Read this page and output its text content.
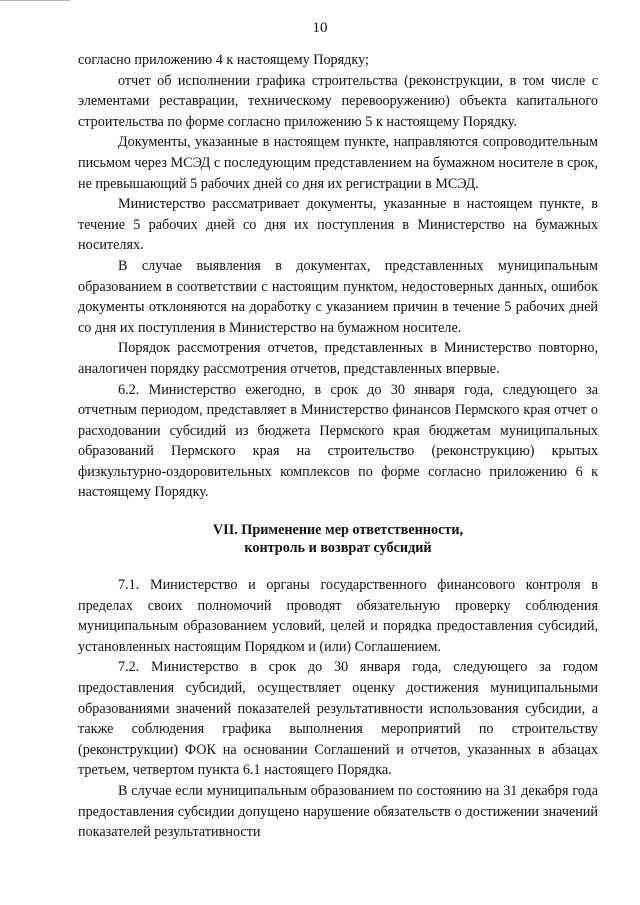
10

согласно приложению 4 к настоящему Порядку;

отчет об исполнении графика строительства (реконструкции, в том числе с элементами реставрации, техническому перевооружению) объекта капитального строительства по форме согласно приложению 5 к настоящему Порядку.

Документы, указанные в настоящем пункте, направляются сопроводительным письмом через МСЭД с последующим представлением на бумажном носителе в срок, не превышающий 5 рабочих дней со дня их регистрации в МСЭД.

Министерство рассматривает документы, указанные в настоящем пункте, в течение 5 рабочих дней со дня их поступления в Министерство на бумажных носителях.

В случае выявления в документах, представленных муниципальным образованием в соответствии с настоящим пунктом, недостоверных данных, ошибок документы отклоняются на доработку с указанием причин в течение 5 рабочих дней со дня их поступления в Министерство на бумажном носителе.

Порядок рассмотрения отчетов, представленных в Министерство повторно, аналогичен порядку рассмотрения отчетов, представленных впервые.

6.2. Министерство ежегодно, в срок до 30 января года, следующего за отчетным периодом, представляет в Министерство финансов Пермского края отчет о расходовании субсидий из бюджета Пермского края бюджетам муниципальных образований Пермского края на строительство (реконструкцию) крытых физкультурно-оздоровительных комплексов по форме согласно приложению 6 к настоящему Порядку.

VII. Применение мер ответственности,
контроль и возврат субсидий

7.1. Министерство и органы государственного финансового контроля в пределах своих полномочий проводят обязательную проверку соблюдения муниципальным образованием условий, целей и порядка предоставления субсидий, установленных настоящим Порядком и (или) Соглашением.

7.2. Министерство в срок до 30 января года, следующего за годом предоставления субсидий, осуществляет оценку достижения муниципальными образованиями значений показателей результативности использования субсидии, а также соблюдения графика выполнения мероприятий по строительству (реконструкции) ФОК на основании Соглашений и отчетов, указанных в абзацах третьем, четвертом пункта 6.1 настоящего Порядка.

В случае если муниципальным образованием по состоянию на 31 декабря года предоставления субсидии допущено нарушение обязательств о достижении значений показателей результативности
